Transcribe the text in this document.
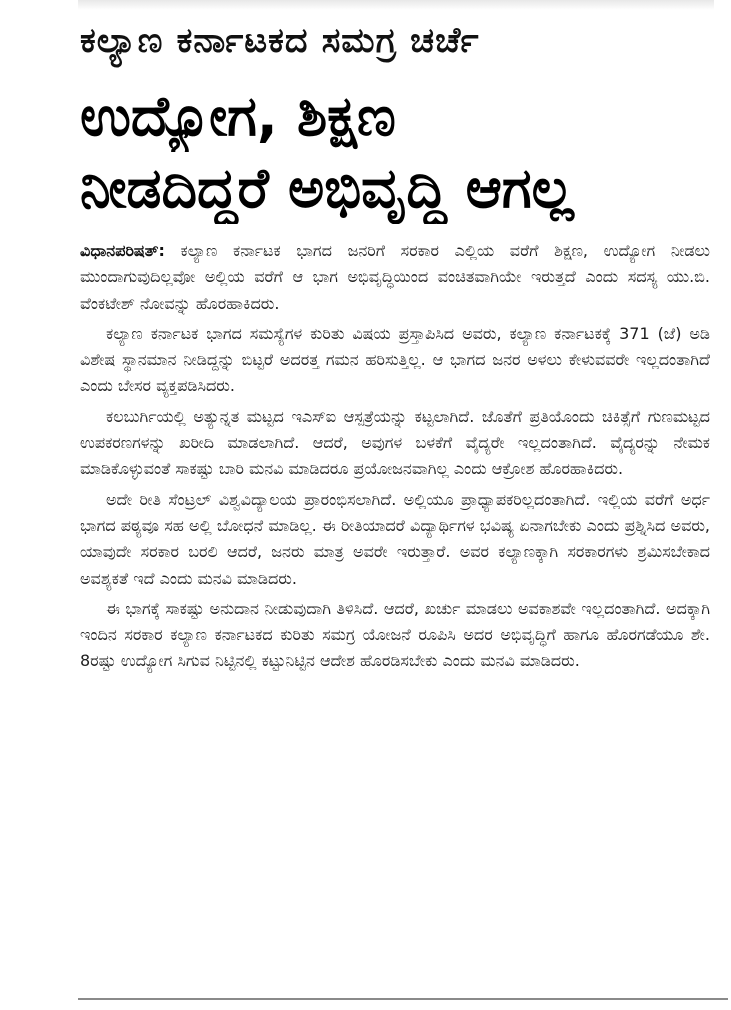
ಕಲ್ಯಾಣ ಕರ್ನಾಟಕದ ಸಮಗ್ರ ಚರ್ಚೆ
ಉದ್ಯೋಗ, ಶಿಕ್ಷಣ
ನೀಡದಿದ್ದರೆ ಅಭಿವೃದ್ಧಿ ಆಗಲ್ಲ

ವಿಧಾನಪರಿಷತ್: ಕಲ್ಯಾಣ ಕರ್ನಾಟಕ ಭಾಗದ ಜನರಿಗೆ ಸರಕಾರ ಎಲ್ಲಿಯ ವರೆಗೆ ಶಿಕ್ಷಣ, ಉದ್ಯೋಗ ನೀಡಲು ಮುಂದಾಗುವುದಿಲ್ಲವೋ ಅಲ್ಲಿಯ ವರೆಗೆ ಆ ಭಾಗ ಅಭಿವೃದ್ಧಿಯಿಂದ ವಂಚಿತವಾಗಿಯೇ ಇರುತ್ತದೆ ಎಂದು ಸದಸ್ಯ ಯು.ಬಿ. ವೆಂಕಟೇಶ್ ನೋವನ್ನು ಹೊರಹಾಕಿದರು.

ಕಲ್ಯಾಣ ಕರ್ನಾಟಕ ಭಾಗದ ಸಮಸ್ಯೆಗಳ ಕುರಿತು ವಿಷಯ ಪ್ರಸ್ತಾಪಿಸಿದ ಅವರು, ಕಲ್ಯಾಣ ಕರ್ನಾಟಕಕ್ಕೆ 371 (ಜೆ) ಅಡಿ ವಿಶೇಷ ಸ್ಥಾನಮಾನ ನೀಡಿದ್ದನ್ನು ಬಿಟ್ಟರೆ ಅದರತ್ತ ಗಮನ ಹರಿಸುತ್ತಿಲ್ಲ. ಆ ಭಾಗದ ಜನರ ಅಳಲು ಕೇಳುವವರೇ ಇಲ್ಲದಂತಾಗಿದೆ ಎಂದು ಬೇಸರ ವ್ಯಕ್ತಪಡಿಸಿದರು.

ಕಲಬುರ್ಗಿಯಲ್ಲಿ ಅತ್ಯುನ್ನತ ಮಟ್ಟದ ಇಎಸ್‌ಐ ಆಸ್ಪತ್ರೆಯನ್ನು ಕಟ್ಟಲಾಗಿದೆ. ಜೊತೆಗೆ ಪ್ರತಿಯೊಂದು ಚಿಕಿತ್ಸೆಗೆ ಗುಣಮಟ್ಟದ ಉಪಕರಣಗಳನ್ನು ಖರೀದಿ ಮಾಡಲಾಗಿದೆ. ಆದರೆ, ಅವುಗಳ ಬಳಕೆಗೆ ವೈದ್ಯರೇ ಇಲ್ಲದಂತಾಗಿದೆ. ವೈದ್ಯರನ್ನು ನೇಮಕ ಮಾಡಿಕೊಳ್ಳುವಂತೆ ಸಾಕಷ್ಟು ಬಾರಿ ಮನವಿ ಮಾಡಿದರೂ ಪ್ರಯೋಜನವಾಗಿಲ್ಲ ಎಂದು ಆಕ್ರೋಶ ಹೊರಹಾಕಿದರು.

ಅದೇ ರೀತಿ ಸೆಂಟ್ರಲ್ ವಿಶ್ವವಿದ್ಯಾಲಯ ಪ್ರಾರಂಭಿಸಲಾಗಿದೆ. ಅಲ್ಲಿಯೂ ಪ್ರಾಧ್ಯಾಪಕರಿಲ್ಲದಂತಾಗಿದೆ. ಇಲ್ಲಿಯ ವರೆಗೆ ಅರ್ಧ ಭಾಗದ ಪಠ್ಯವೂ ಸಹ ಅಲ್ಲಿ ಬೋಧನೆ ಮಾಡಿಲ್ಲ. ಈ ರೀತಿಯಾದರೆ ವಿದ್ಯಾರ್ಥಿಗಳ ಭವಿಷ್ಯ ಏನಾಗಬೇಕು ಎಂದು ಪ್ರಶ್ನಿಸಿದ ಅವರು, ಯಾವುದೇ ಸರಕಾರ ಬರಲಿ ಆದರೆ, ಜನರು ಮಾತ್ರ ಅವರೇ ಇರುತ್ತಾರೆ. ಅವರ ಕಲ್ಯಾಣಕ್ಕಾಗಿ ಸರಕಾರಗಳು ಶ್ರಮಿಸಬೇಕಾದ ಅವಶ್ಯಕತೆ ಇದೆ ಎಂದು ಮನವಿ ಮಾಡಿದರು.

ಈ ಭಾಗಕ್ಕೆ ಸಾಕಷ್ಟು ಅನುದಾನ ನೀಡುವುದಾಗಿ ತಿಳಿಸಿದೆ. ಆದರೆ, ಖರ್ಚು ಮಾಡಲು ಅವಕಾಶವೇ ಇಲ್ಲದಂತಾಗಿದೆ. ಅದಕ್ಕಾಗಿ ಇಂದಿನ ಸರಕಾರ ಕಲ್ಯಾಣ ಕರ್ನಾಟಕದ ಕುರಿತು ಸಮಗ್ರ ಯೋಜನೆ ರೂಪಿಸಿ ಅದರ ಅಭಿವೃದ್ಧಿಗೆ ಹಾಗೂ ಹೊರಗಡೆಯೂ ಶೇ. 8ರಷ್ಟು ಉದ್ಯೋಗ ಸಿಗುವ ನಿಟ್ಟಿನಲ್ಲಿ ಕಟ್ಟುನಿಟ್ಟಿನ ಆದೇಶ ಹೊರಡಿಸಬೇಕು ಎಂದು ಮನವಿ ಮಾಡಿದರು.
